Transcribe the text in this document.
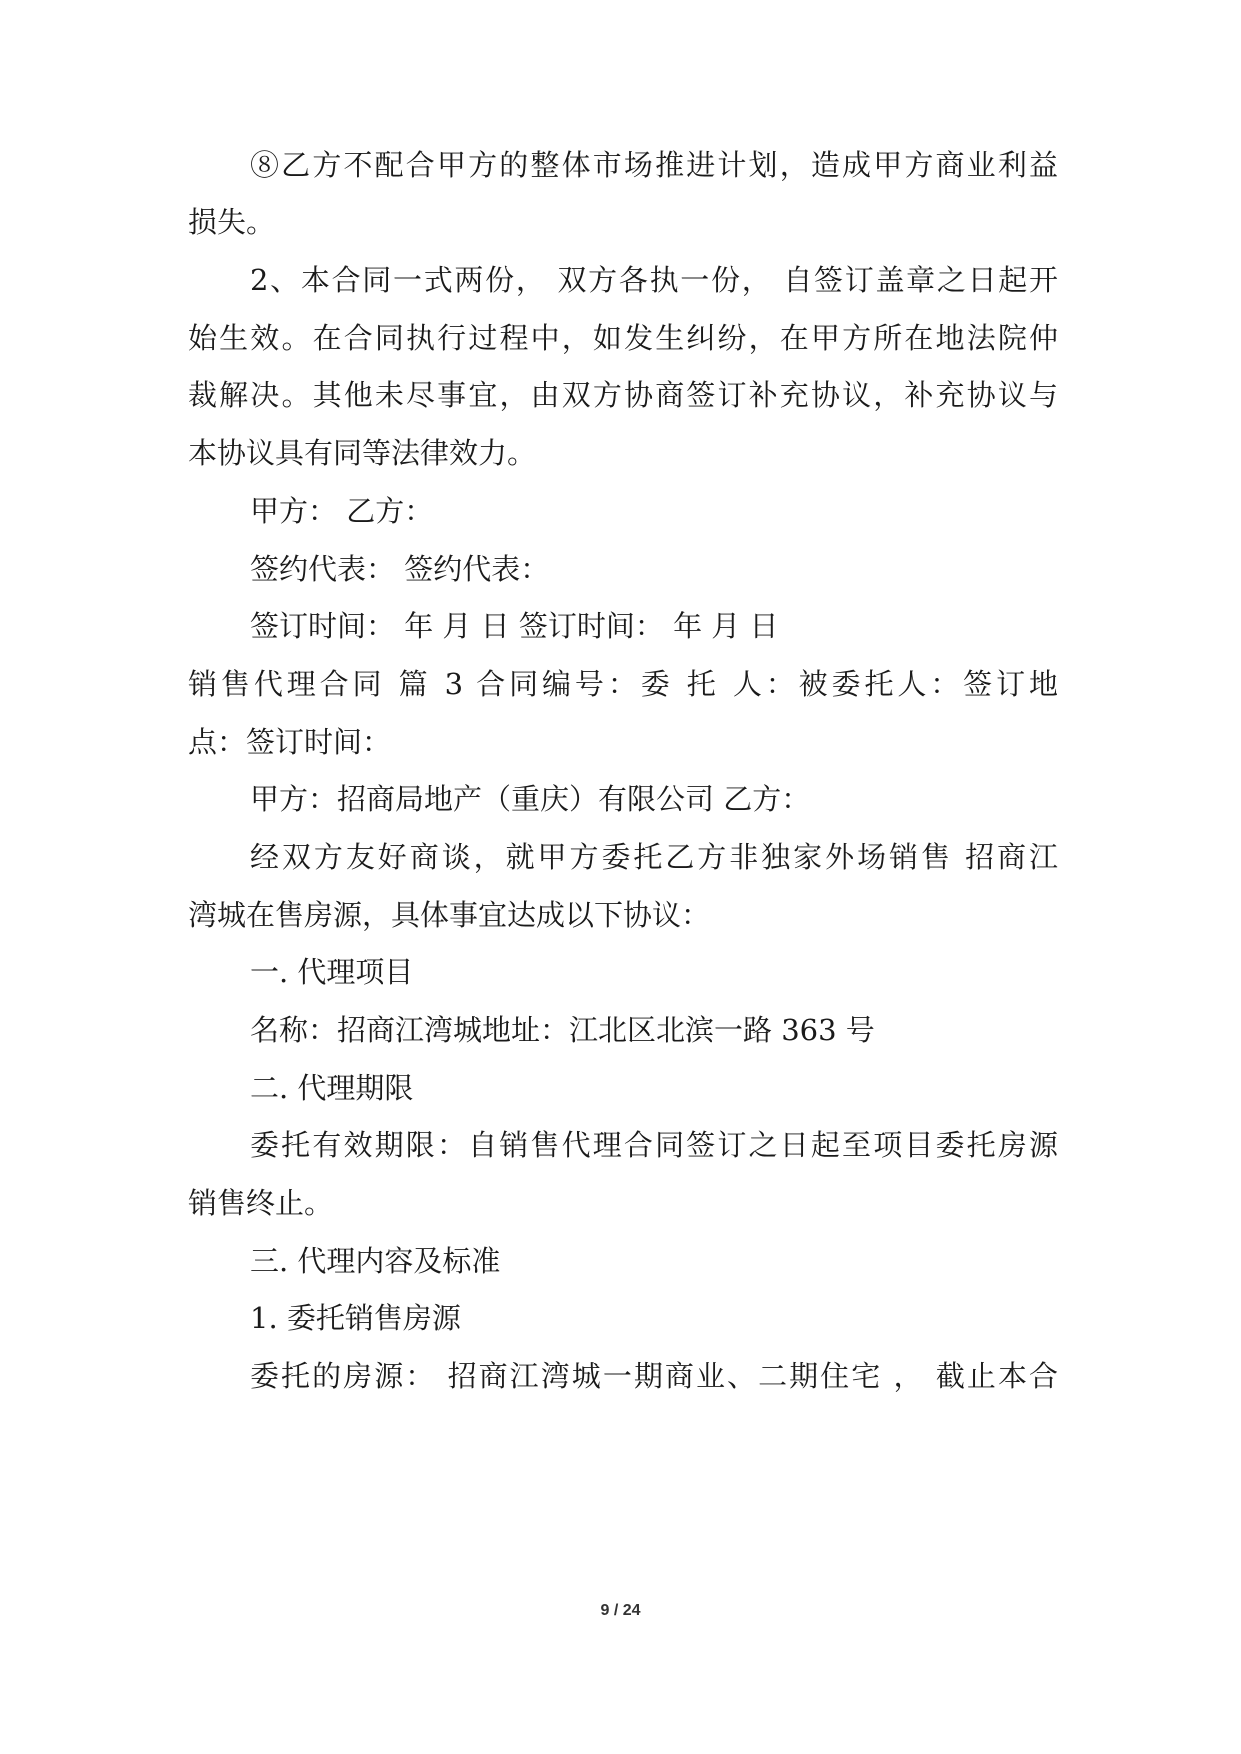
⑧乙方不配合甲方的整体市场推进计划，造成甲方商业利益
损失。
2、本合同一式两份， 双方各执一份， 自签订盖章之日起开
始生效。在合同执行过程中，如发生纠纷，在甲方所在地法院仲
裁解决。其他未尽事宜，由双方协商签订补充协议，补充协议与
本协议具有同等法律效力。
甲方： 乙方：
签约代表： 签约代表：
签订时间： 年 月 日 签订时间： 年 月 日
销售代理合同 篇 3 合同编号：委 托 人：被委托人：签订地
点：签订时间：
甲方：招商局地产（重庆）有限公司 乙方：
经双方友好商谈，就甲方委托乙方非独家外场销售 招商江
湾城在售房源，具体事宜达成以下协议：
一. 代理项目
名称：招商江湾城地址：江北区北滨一路 363 号
二. 代理期限
委托有效期限：自销售代理合同签订之日起至项目委托房源
销售终止。
三. 代理内容及标准
1. 委托销售房源
委托的房源： 招商江湾城一期商业、二期住宅 ， 截止本合
9 / 24
